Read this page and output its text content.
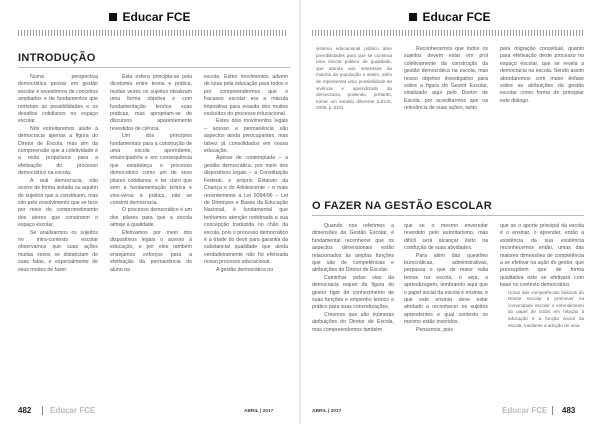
Educar FCE
INTRODUÇÃO

Numa perspectiva democrática pensar em gestão escolar é revestirmos de conceitos ampliados e de fundamentos que norteiam as possibilidades e os desafios cotidianos no espaço escolar.

Nós estreitaremos alude à democracia apenas a figura do Diretor de Escola, mas sim da compreensão que a coletividade é a mola propulsora para a efetivação do processo democrático na escola.

A real democracia, não ocorre de forma isolada ou aquém de sujeitos que a constituem, mas sim pelo envolvimento que se tece por meio do comprometimento dos atores que constroem o espaço escolar.

Se analisarmos os sujeitos no intra-contexto escolar observamos que suas ações muitas vezes se distanciam de suas falas, e especialmente de seus modos de fazer.

Esta esfera principia-se pela dicotomia entre teoria e prática, muitas vezes os sujeitos idealizam uma forma objetiva e com fundamentação teórica suas práticas, mas apropriam-se de discursos aparentemente revestidos de ciência.

Um dos princípios fundamentais para a construção de uma escola aprendente, emancipatória e em consequência que estabeleça o processo democrático como um de seus pilares cotidianos, é ter claro que sem a fundamentação teórica e vice-versa a prática, não se constrói democracia.

O processo democrático é um dos pilares para que a escola almeje a qualidade.

Efetivamos por meio dos dispositivos legais o acesso à educação, e por eles também ensejamos esforços para a efetivação da permanência do aluno na

escola. Estes movimentos advém de lutas pela educação para todos e por compreendermos que o fracasso escolar era a mácula impositiva para evasão dos muitos excluídos do processo educacional.

Estes dois movimentos legais – acesso e permanência são aspectos ainda preocupantes, mas talvez já consolidados em nossa educação.

Apesar de contemplada – a gestão democrática, por meio dos dispositivos legais – a Constituição Federal, o próprio Estatuto da Criança e do Adolescente – e mais recentemente a Lei 9394/96 – Lei de Diretrizes e Bases da Educação Nacional, é fundamental que tenhamos atenção redobrada a sua concepção traduzida no chão da escola, pois o processo democrático é a tríade do devir para garantia da substancial qualidade que ainda verdadeiramente não foi efetivada nosso processo educacional.

A gestão democrática no

482 Educar FCE	ABRIL | 2017
Educar FCE

sistema educacional público abre possibilidades para que se construa uma escola pública de qualidade, que atenda aos interesses da maioria da população e assim, além de representar uma possibilidade de vivência e aprendizado da democracia, podendo, portanto, tornar um sentido diferente (LÉLIS, 2006, p. 510).

Reconhecemos que todos os sujeitos devem estar em prol coletivamente da construção da gestão democrática na escola, mas nosso objetivo investigativo para sobre a figura do Gestor Escolar, sinalizado aqui pelo Diretor de Escola, por acreditarmos que na relevância de suas ações, tanto

para migração conceitual, quanto para efetivação deste processo no espaço escolar, que se revela a democracia na escola. Sendo assim abordaremos com maior ênfase sobre as atribuições da gestão escolar como forma de principiar este diálogo.

O FAZER NA GESTÃO ESCOLAR

Quando nos referimos a dimensões da Gestão Escolar, é fundamental reconhecer que os aspectos dimensionais estão relacionados às amplas funções que são de competências e atribuições do Diretor de Escolar.

Caminhar pelas vias da democracia requer da figura do gestor rigor de conhecimento de suas funções e empenho teórico e prático para suas concretizações.

Creemos que são inúmeras atribuições do Diretor de Escola, mas compreendemos também

que se o mesmo enveredar revestido pelo autoritarismo, mas difícil será alcançar êxito na condução de suas atividades.

Para além das questões burocráticas, administrativas, perpassa o que de maior valia temos na escola, o seja, a aprendizagem, lembrando aqui que o papel social da escola é ensinar, e que este ensinar deve estar atrelado a reconhecer os sujeitos aprendentes e qual contexto os mesmo estão inseridos.

Pensemos, pois

que se o aporte principal da escola é o ensinar, o aprender, então a existência da sua existência reconhecemos então, umas das maiores dimensões de competência a se efetivar na ação do gestor, que pressupõem que de forma qualitativa este se efetivará com base no contexto democrático.

Umas das competências básicas do Diretor escolar é promover na comunidade escolar o entendimento do papel de todos em relação à educação e a função social da escola, mediante a adoção de uma

ABRIL | 2017	Educar FCE 483
